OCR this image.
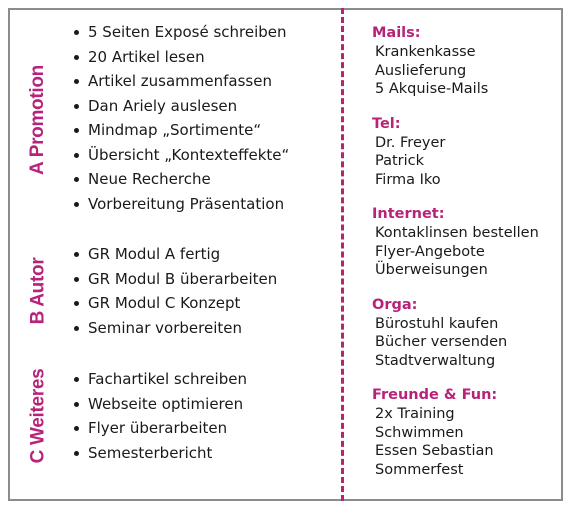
A Promotion
5 Seiten Exposé schreiben
20 Artikel lesen
Artikel zusammenfassen
Dan Ariely auslesen
Mindmap „Sortimente“
Übersicht „Kontexteffekte“
Neue Recherche
Vorbereitung Präsentation
B Autor
GR Modul A fertig
GR Modul B überarbeiten
GR Modul C Konzept
Seminar vorbereiten
C Weiteres	Fachartikel schreiben
Webseite optimieren
Flyer überarbeiten
Semesterbericht
Mails:
Krankenkasse
Auslieferung
5 Akquise-Mails
Tel:
Dr. Freyer
Patrick
Firma Iko
Internet:
Kontaklinsen bestellen
Flyer-Angebote
Überweisungen
Orga:
Bürostuhl kaufen
Bücher versenden
Stadtverwaltung
Freunde & Fun:
2x Training
Schwimmen
Essen Sebastian
Sommerfest
